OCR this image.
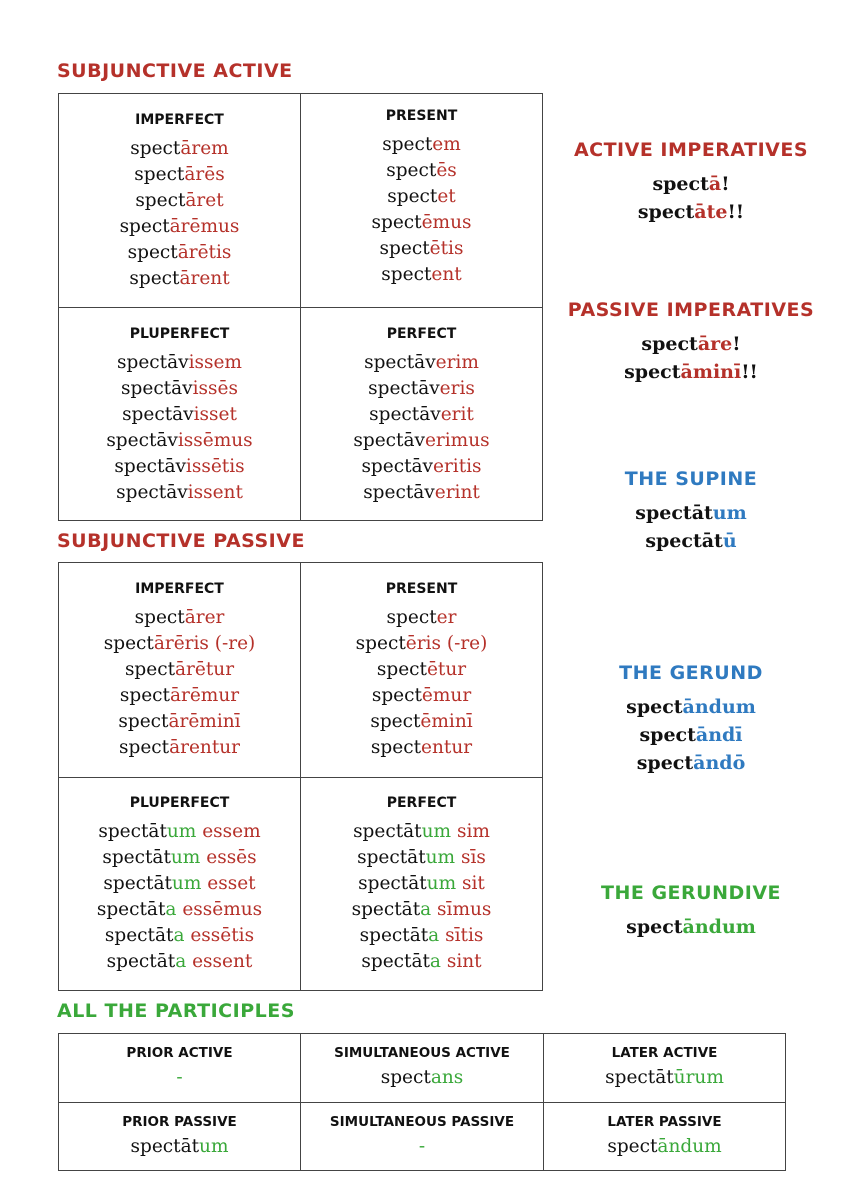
SUBJUNCTIVE ACTIVE
IMPERFECT
spectārem
spectārēs
spectāret
spectārēmus
spectārētis
spectārent
PRESENT
spectem
spectēs
spectet
spectēmus
spectētis
spectent
PLUPERFECT
spectāvissem
spectāvissēs
spectāvisset
spectāvissēmus
spectāvissētis
spectāvissent
PERFECT
spectāverim
spectāveris
spectāverit
spectāverimus
spectāveritis
spectāverint
SUBJUNCTIVE PASSIVE
IMPERFECT
spectārer
spectārēris (-re)
spectārētur
spectārēmur
spectārēminī
spectārentur
PRESENT
specter
spectēris (-re)
spectētur
spectēmur
spectēminī
spectentur
PLUPERFECT
spectātum essem
spectātum essēs
spectātum esset
spectāta essēmus
spectāta essētis
spectāta essent
PERFECT
spectātum sim
spectātum sīs
spectātum sit
spectāta sīmus
spectāta sītis
spectāta sint
ACTIVE IMPERATIVES
spectā!
spectāte!!
PASSIVE IMPERATIVES
spectāre!
spectāminī!!
THE SUPINE
spectātum
spectātū
THE GERUND
spectāndum
spectāndī
spectāndō
THE GERUNDIVE
spectāndum
ALL THE PARTICIPLES
PRIOR ACTIVE
-
SIMULTANEOUS ACTIVE
spectans
LATER ACTIVE
spectātūrum
PRIOR PASSIVE
spectātum
SIMULTANEOUS PASSIVE
-
LATER PASSIVE
spectāndum
